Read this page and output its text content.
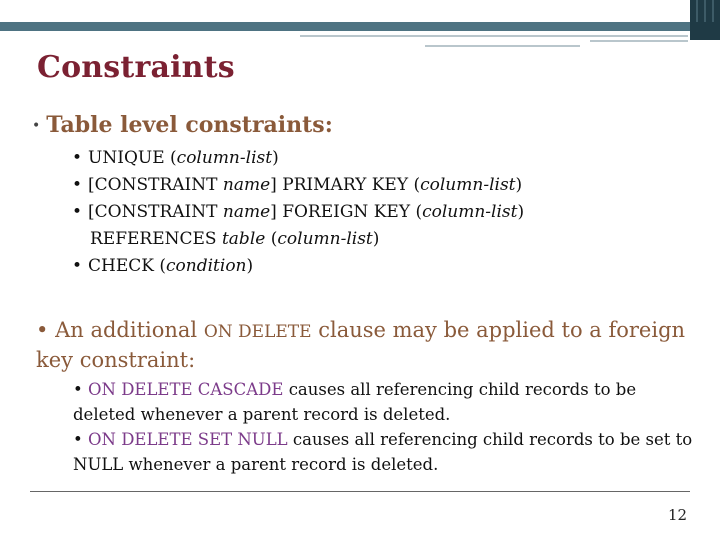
Constraints
• Table level constraints:
• UNIQUE (column-list)
• [CONSTRAINT name] PRIMARY KEY (column-list)
• [CONSTRAINT name] FOREIGN KEY (column-list)
REFERENCES table (column-list)
• CHECK (condition)
• An additional ON DELETE clause may be applied to a foreign key constraint:
• ON DELETE CASCADE causes all referencing child records to be deleted whenever a parent record is deleted.
• ON DELETE SET NULL causes all referencing child records to be set to NULL whenever a parent record is deleted.
12
